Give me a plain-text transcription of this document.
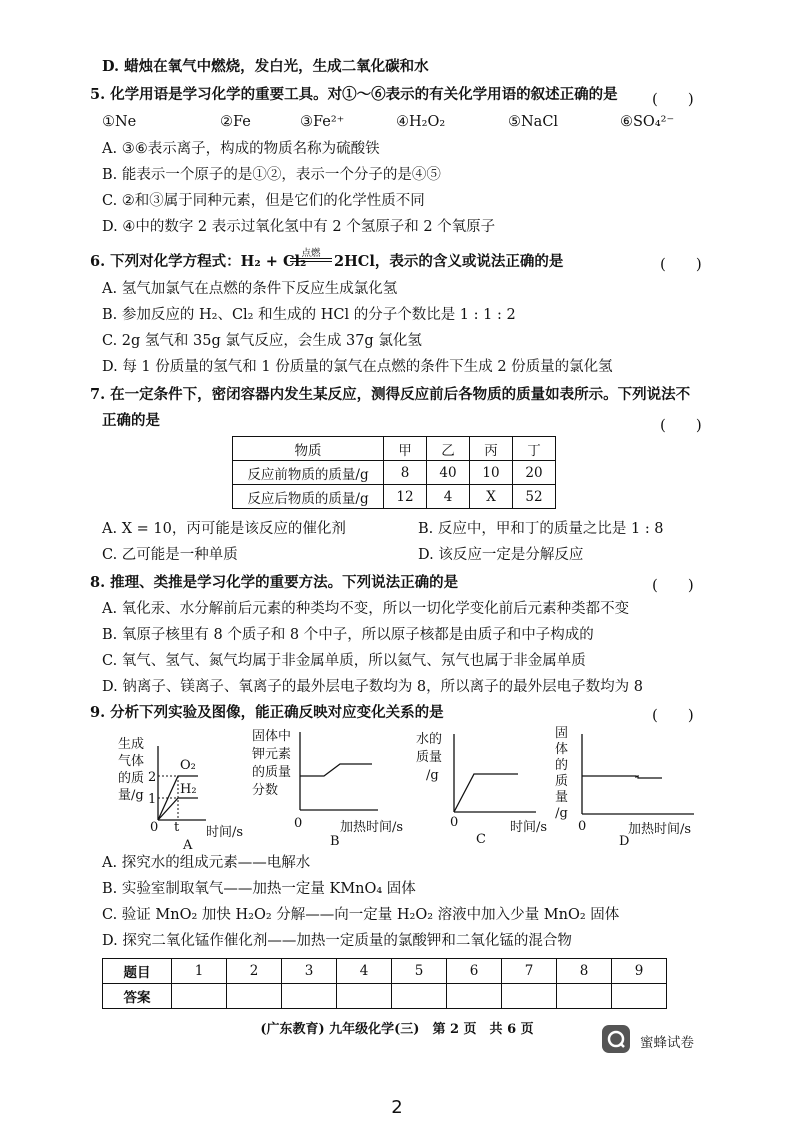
D. 蜡烛在氧气中燃烧，发白光，生成二氧化碳和水
5. 化学用语是学习化学的重要工具。对①～⑥表示的有关化学用语的叙述正确的是 (　　)
①Ne	②Fe	③Fe²⁺	④H₂O₂	⑤NaCl	⑥SO₄²⁻
A. ③⑥表示离子，构成的物质名称为硫酸铁
B. 能表示一个原子的是①②，表示一个分子的是④⑤
C. ②和③属于同种元素，但是它们的化学性质不同
D. ④中的数字 2 表示过氧化氢中有 2 个氢原子和 2 个氧原子
6. 下列对化学方程式：H₂ + Cl₂
点燃 2HCl，表示的含义或说法正确的是	(　　)
A. 氢气加氯气在点燃的条件下反应生成氯化氢
B. 参加反应的 H₂、Cl₂ 和生成的 HCl 的分子个数比是 1 : 1 : 2
C. 2g 氢气和 35g 氯气反应，会生成 37g 氯化氢
D. 每 1 份质量的氢气和 1 份质量的氯气在点燃的条件下生成 2 份质量的氯化氢
7. 在一定条件下，密闭容器内发生某反应，测得反应前后各物质的质量如表所示。下列说法不
正确的是	(　　)
物质	甲	乙	丙	丁
反应前物质的质量/g	8	40	10	20
反应后物质的质量/g	12	4	X	52
A. X = 10，丙可能是该反应的催化剂	B. 反应中，甲和丁的质量之比是 1 : 8
C. 乙可能是一种单质	D. 该反应一定是分解反应
8. 推理、类推是学习化学的重要方法。下列说法正确的是	(　　)
A. 氧化汞、水分解前后元素的种类均不变，所以一切化学变化前后元素种类都不变
B. 氧原子核里有 8 个质子和 8 个中子，所以原子核都是由质子和中子构成的
C. 氧气、氢气、氮气均属于非金属单质，所以氦气、氖气也属于非金属单质
D. 钠离子、镁离子、氧离子的最外层电子数均为 8，所以离子的最外层电子数均为 8
9. 分析下列实验及图像，能正确反映对应变化关系的是	(　　)
生成
气体
的质
量/g
2
1
O₂
H₂
0 t 时间/s
A
固体中
钾元素
的质量
分数
0	加热时间/s
B
水的
质量
/g
0	时间/s
C
固
体
的
质
量
/g
0	加热时间/s
D
A. 探究水的组成元素——电解水
B. 实验室制取氧气——加热一定量 KMnO₄ 固体
C. 验证 MnO₂ 加快 H₂O₂ 分解——向一定量 H₂O₂ 溶液中加入少量 MnO₂ 固体
D. 探究二氧化锰作催化剂——加热一定质量的氯酸钾和二氧化锰的混合物
题目	1	2	3	4	5	6	7	8	9
答案									
(广东教育) 九年级化学(三)　第 2 页　共 6 页
蜜蜂试卷
2
